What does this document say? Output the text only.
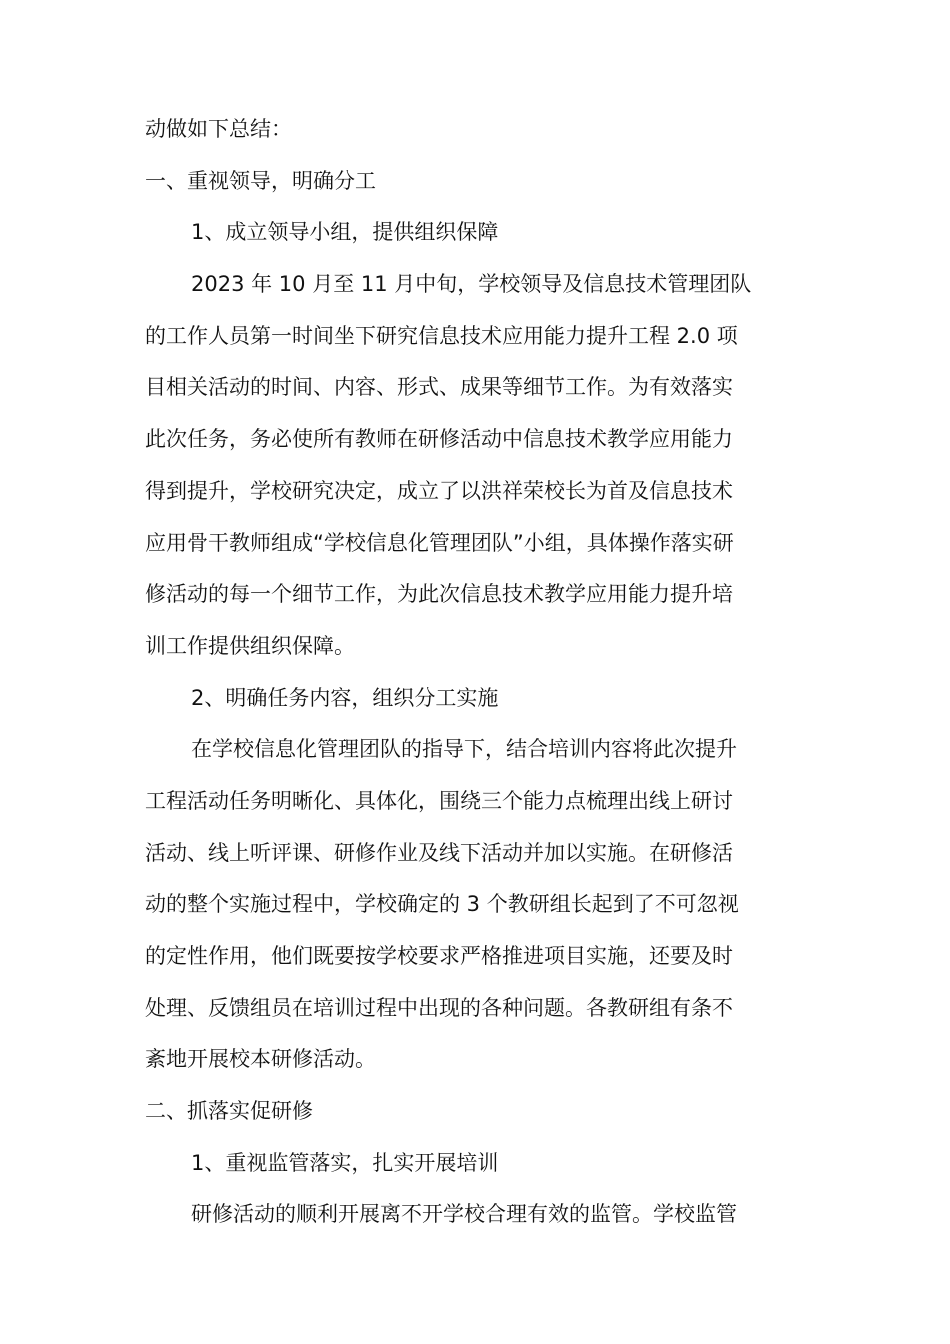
动做如下总结：
一、重视领导，明确分工
1、成立领导小组，提供组织保障
2023 年 10 月至 11 月中旬，学校领导及信息技术管理团队
的工作人员第一时间坐下研究信息技术应用能力提升工程 2.0 项
目相关活动的时间、内容、形式、成果等细节工作。为有效落实
此次任务，务必使所有教师在研修活动中信息技术教学应用能力
得到提升，学校研究决定，成立了以洪祥荣校长为首及信息技术
应用骨干教师组成“学校信息化管理团队”小组，具体操作落实研
修活动的每一个细节工作，为此次信息技术教学应用能力提升培
训工作提供组织保障。
2、明确任务内容，组织分工实施
在学校信息化管理团队的指导下，结合培训内容将此次提升
工程活动任务明晰化、具体化，围绕三个能力点梳理出线上研讨
活动、线上听评课、研修作业及线下活动并加以实施。在研修活
动的整个实施过程中，学校确定的 3 个教研组长起到了不可忽视
的定性作用，他们既要按学校要求严格推进项目实施，还要及时
处理、反馈组员在培训过程中出现的各种问题。各教研组有条不
紊地开展校本研修活动。
二、抓落实促研修
1、重视监管落实，扎实开展培训
研修活动的顺利开展离不开学校合理有效的监管。学校监管
